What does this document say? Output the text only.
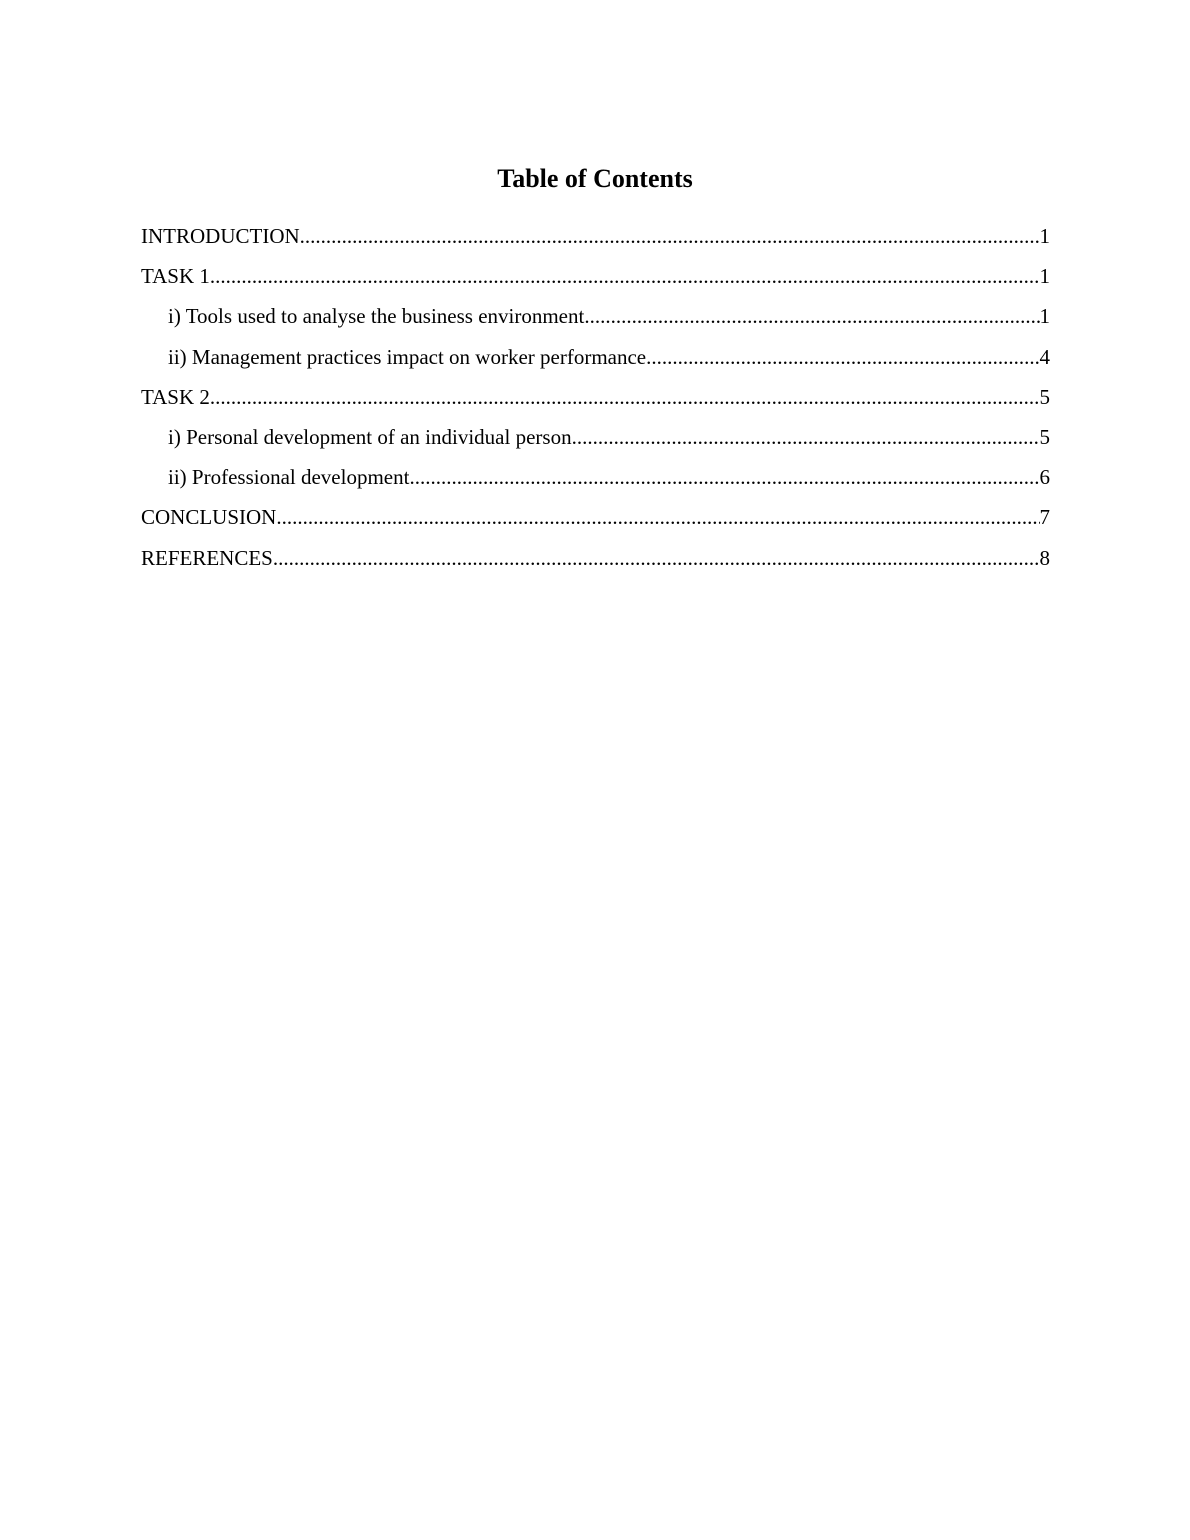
Table of Contents
INTRODUCTION .....	1
TASK 1 .....	1
i) Tools used to analyse the business environment .....	1
ii) Management practices impact on worker performance .....	4
TASK 2 .....	5
i) Personal development of an individual person .....	5
ii) Professional development .....	6
CONCLUSION .....	7
REFERENCES .....	8
